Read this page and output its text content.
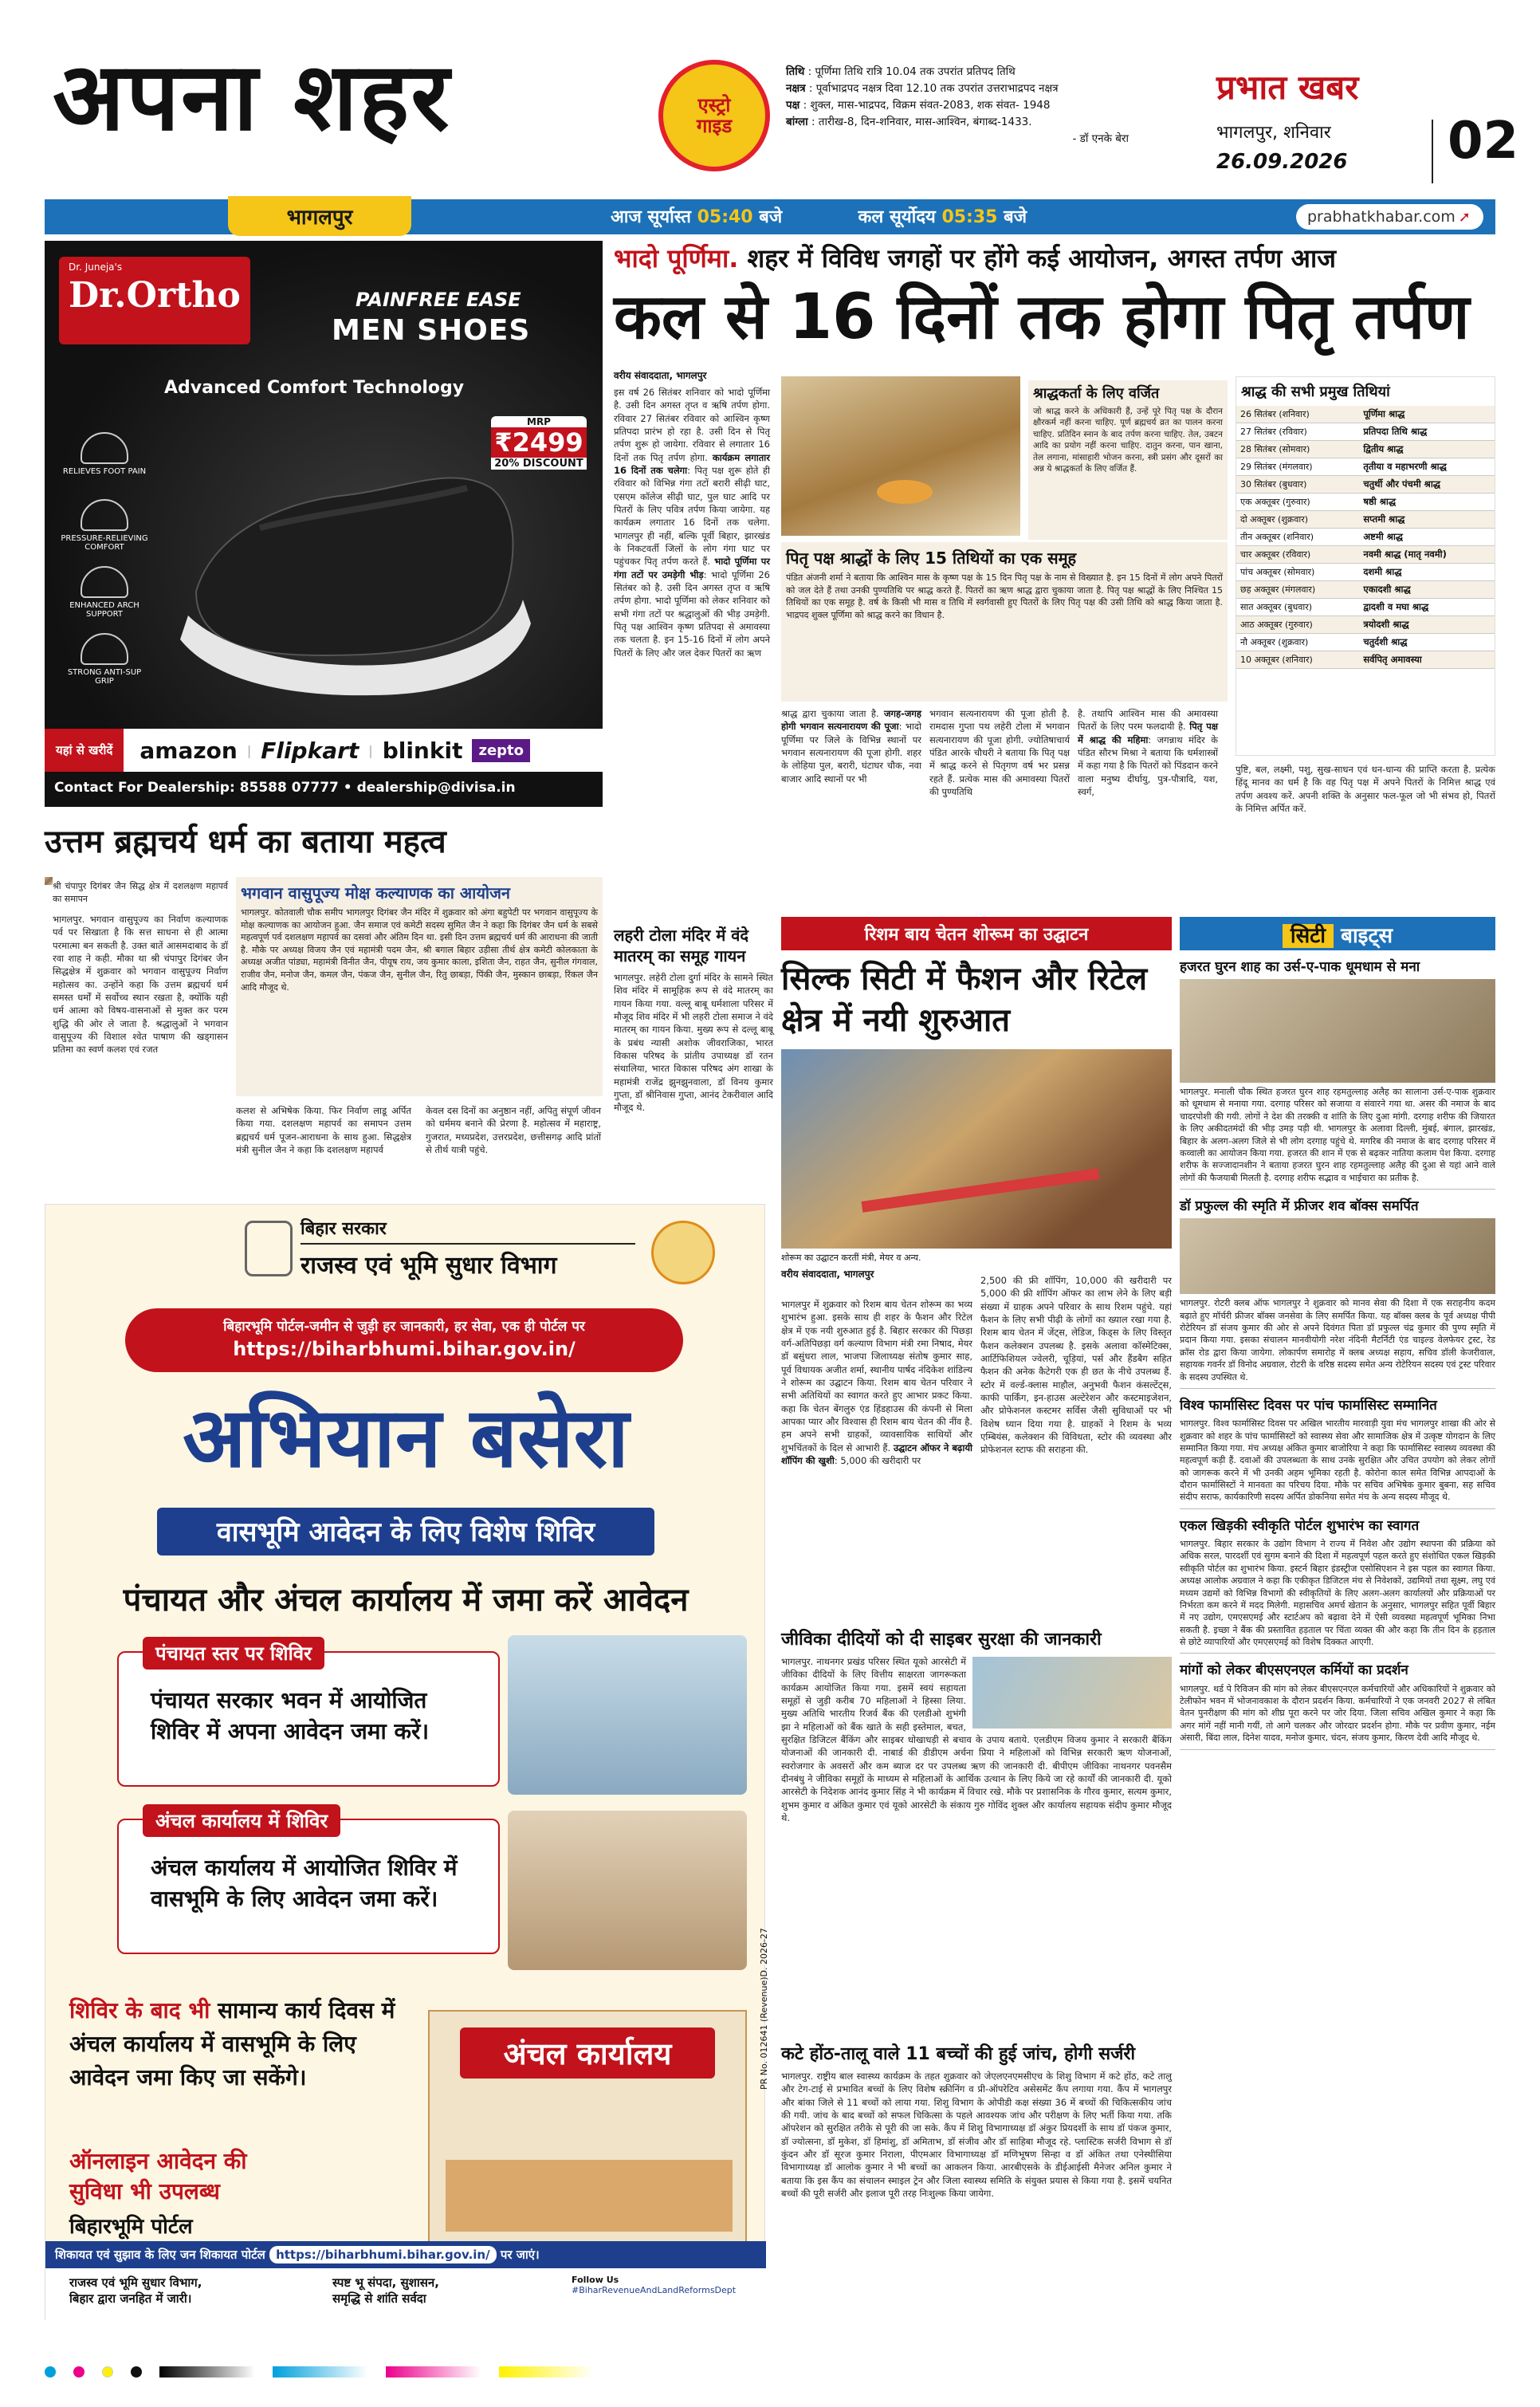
अपना शहर	एस्ट्रो गाइड
तिथि : पूर्णिमा तिथि रात्रि 10.04 तक उपरांत प्रतिपद तिथि
नक्षत्र : पूर्वाभाद्रपद नक्षत्र दिवा 12.10 तक उपरांत उत्तराभाद्रपद नक्षत्र
पक्ष : शुक्ल, मास-भाद्रपद, विक्रम संवत-2083, शक संवत- 1948
बांग्ला : तारीख-8, दिन-शनिवार, मास-आश्विन, बंगाब्द-1433.
- डॉ एनके बेरा
प्रभात खबर
भागलपुर, शनिवार
26.09.2026 02
भागलपुर	आज सूर्यास्त 05:40 बजे	कल सूर्योदय 05:35 बजे	prabhatkhabar.com ➚
Dr. Juneja's
Dr.Ortho	PAINFREE EASE
MEN SHOES
Advanced Comfort Technology
RELIEVES FOOT PAIN
PRESSURE-RELIEVING COMFORT
ENHANCED ARCH SUPPORT
STRONG ANTI-SUP GRIP
MRP
₹2499
20% DISCOUNT
यहां से खरीदें	amazon | Flipkart | blinkit	zepto
Contact For Dealership: 85588 07777 • dealership@divisa.in
भादो पूर्णिमा. शहर में विविध जगहों पर होंगे कई आयोजन, अगस्त तर्पण आज
कल से 16 दिनों तक होगा पितृ तर्पण
वरीय संवाददाता, भागलपुर
इस वर्ष 26 सितंबर शनिवार को भादो पूर्णिमा है. उसी दिन अगस्त तृप्त व ऋषि तर्पण होगा. रविवार 27 सितंबर रविवार को आश्विन कृष्ण प्रतिपदा प्रारंभ हो रहा है. उसी दिन से पितृ तर्पण शुरू हो जायेगा. रविवार से लगातार 16 दिनों तक पितृ तर्पण होगा. कार्यक्रम लगातार 16 दिनों तक चलेगा: पितृ पक्ष शुरू होते ही रविवार को विभिन्न गंगा तटों बरारी सीढ़ी घाट, एसएम कॉलेज सीढ़ी घाट, पुल घाट आदि पर पितरों के लिए पवित्र तर्पण किया जायेगा. यह कार्यक्रम लगातार 16 दिनों तक चलेगा. भागलपुर ही नहीं, बल्कि पूर्वी बिहार, झारखंड के निकटवर्ती जिलों के लोग गंगा घाट पर पहुंचकर पितृ तर्पण करते हैं. भादो पूर्णिमा पर गंगा तटों पर उमड़ेगी भीड़: भादो पूर्णिमा 26 सितंबर को है. उसी दिन अगस्त तृप्त व ऋषि तर्पण होगा. भादो पूर्णिमा को लेकर शनिवार को सभी गंगा तटों पर श्रद्धालुओं की भीड़ उमड़ेगी. पितृ पक्ष आश्विन कृष्ण प्रतिपदा से अमावस्या तक चलता है. इन 15-16 दिनों में लोग अपने पितरों के लिए और जल देकर पितरों का ऋण
श्राद्धकर्ता के लिए वर्जित
जो श्राद्ध करने के अधिकारी हैं, उन्हें पूरे पितृ पक्ष के दौरान क्षौरकर्म नहीं करना चाहिए. पूर्ण ब्रह्मचर्य व्रत का पालन करना चाहिए. प्रतिदिन स्नान के बाद तर्पण करना चाहिए. तेल, उबटन आदि का प्रयोग नहीं करना चाहिए. दातुन करना, पान खाना, तेल लगाना, मांसाहारी भोजन करना, स्त्री प्रसंग और दूसरों का अन्न ये श्राद्धकर्ता के लिए वर्जित हैं.
पितृ पक्ष श्राद्धों के लिए 15 तिथियों का एक समूह
पंडित अंजनी शर्मा ने बताया कि आश्विन मास के कृष्ण पक्ष के 15 दिन पितृ पक्ष के नाम से विख्यात है. इन 15 दिनों में लोग अपने पितरों को जल देते हैं तथा उनकी पुण्यतिथि पर श्राद्ध करते हैं. पितरों का ऋण श्राद्ध द्वारा चुकाया जाता है. पितृ पक्ष श्राद्धों के लिए निश्चित 15 तिथियों का एक समूह है. वर्ष के किसी भी मास व तिथि में स्वर्गवासी हुए पितरों के लिए पितृ पक्ष की उसी तिथि को श्राद्ध किया जाता है. भाद्रपद शुक्ल पूर्णिमा को श्राद्ध करने का विधान है.
श्राद्ध की सभी प्रमुख तिथियां
26 सितंबर (शनिवार)	पूर्णिमा श्राद्ध
27 सितंबर (रविवार)	प्रतिपदा तिथि श्राद्ध
28 सितंबर (सोमवार)	द्वितीय श्राद्ध
29 सितंबर (मंगलवार)	तृतीया व महाभरणी श्राद्ध
30 सितंबर (बुधवार)	चतुर्थी और पंचमी श्राद्ध
एक अक्तूबर (गुरुवार)	षष्ठी श्राद्ध
दो अक्तूबर (शुक्रवार)	सप्तमी श्राद्ध
तीन अक्तूबर (शनिवार)	अष्टमी श्राद्ध
चार अक्तूबर (रविवार)	नवमी श्राद्ध (मातृ नवमी)
पांच अक्तूबर (सोमवार)	दशमी श्राद्ध
छह अक्तूबर (मंगलवार)	एकादशी श्राद्ध
सात अक्तूबर (बुधवार)	द्वादशी व मघा श्राद्ध
आठ अक्तूबर (गुरुवार)	त्रयोदशी श्राद्ध
नौ अक्तूबर (शुक्रवार)	चतुर्दशी श्राद्ध
10 अक्तूबर (शनिवार)	सर्वपितृ अमावस्या
श्राद्ध द्वारा चुकाया जाता है. जगह-जगह होगी भगवान सत्यनारायण की पूजा: भादो पूर्णिमा पर जिले के विभिन्न स्थानों पर भगवान सत्यनारायण की पूजा होगी. शहर के लोहिया पुल, बरारी, घंटाघर चौक, नवा बाजार आदि स्थानों पर भी
भगवान सत्यनारायण की पूजा होती है. रामदास गुप्ता पथ लहेरी टोला में भगवान सत्यनारायण की पूजा होगी. ज्योतिषाचार्य पंडित आरके चौधरी ने बताया कि पितृ पक्ष में श्राद्ध करने से पितृगण वर्ष भर प्रसन्न रहते हैं. प्रत्येक मास की अमावस्या पितरों की पुण्यतिथि
है. तथापि आश्विन मास की अमावस्या पितरों के लिए परम फलदायी है. पितृ पक्ष में श्राद्ध की महिमा: जगन्नाथ मंदिर के पंडित सौरभ मिश्रा ने बताया कि धर्मशास्त्रों में कहा गया है कि पितरों को पिंडदान करने वाला मनुष्य दीर्घायु, पुत्र-पौत्रादि, यश, स्वर्ग,
पुष्टि, बल, लक्ष्मी, पशु, सुख-साधन एवं धन-धान्य की प्राप्ति करता है. प्रत्येक हिंदू मानव का धर्म है कि वह पितृ पक्ष में अपने पितरों के निमित्त श्राद्ध एवं तर्पण अवश्य करें. अपनी शक्ति के अनुसार फल-फूल जो भी संभव हो, पितरों के निमित्त अर्पित करें.
उत्तम ब्रह्मचर्य धर्म का बताया महत्व
श्री चंपापुर दिगंबर जैन सिद्ध क्षेत्र में दशलक्षण महापर्व का समापन
भागलपुर. भगवान वासुपूज्य का निर्वाण कल्याणक पर्व पर सिखाता है कि सत्त साधना से ही आत्मा परमात्मा बन सकती है. उक्त बातें आसमदाबाद के डॉ रवा शाह ने कही. मौका था श्री चंपापुर दिगंबर जैन सिद्धक्षेत्र में शुक्रवार को भगवान वासुपूज्य निर्वाण महोत्सव का. उन्होंने कहा कि उत्तम ब्रह्मचर्य धर्म समस्त धर्मों में सर्वोच्च स्थान रखता है, क्योंकि यही धर्म आत्मा को विषय-वासनाओं से मुक्त कर परम शुद्धि की ओर ले जाता है. श्रद्धालुओं ने भगवान वासुपूज्य की विशाल श्वेत पाषाण की खड्गासन प्रतिमा का स्वर्ण कलश एवं रजत
भगवान वासुपूज्य मोक्ष कल्याणक का आयोजन
भागलपुर. कोतवाली चौक समीप भागलपुर दिगंबर जैन मंदिर में शुक्रवार को अंगा बहुपेटी पर भगवान वासुपूज्य के मोक्ष कल्याणक का आयोजन हुआ. जैन समाज एवं कमेटी सदस्य सुमित जैन ने कहा कि दिगंबर जैन धर्म के सबसे महत्वपूर्ण पर्व दशलक्षण महापर्व का दसवां और अंतिम दिन था. इसी दिन उत्तम ब्रह्मचर्य धर्म की आराधना की जाती है. मौके पर अध्यक्ष विजय जैन एवं महामंत्री पदम जैन, श्री बगाल बिहार उड़ीसा तीर्थ क्षेत्र कमेटी कोलकाता के अध्यक्ष अजीत पांड्या, महामंत्री विनीत जैन, पीयूष राय, जय कुमार काला, इशिता जैन, राहत जैन, सुनील गंगवाल, राजीव जैन, मनोज जैन, कमल जैन, पंकज जैन, सुनील जैन, रितु छाबड़ा, पिंकी जैन, मुस्कान छाबड़ा, रिंकल जैन आदि मौजूद थे.
कलश से अभिषेक किया. फिर निर्वाण लाडू अर्पित किया गया. दशलक्षण महापर्व का समापन उत्तम ब्रह्मचर्य धर्म पूजन-आराधना के साथ हुआ. सिद्धक्षेत्र मंत्री सुनील जैन ने कहा कि दशलक्षण महापर्व
केवल दस दिनों का अनुष्ठान नहीं, अपितु संपूर्ण जीवन को धर्ममय बनाने की प्रेरणा है. महोत्सव में महाराष्ट्र, गुजरात, मध्यप्रदेश, उत्तरप्रदेश, छत्तीसगढ़ आदि प्रांतों से तीर्थ यात्री पहुंचे.
लहरी टोला मंदिर में वंदे मातरम् का समूह गायन
भागलपुर. लहेरी टोला दुर्गा मंदिर के सामने स्थित शिव मंदिर में सामूहिक रूप से वंदे मातरम् का गायन किया गया. वल्लू बाबू धर्मशाला परिसर में मौजूद शिव मंदिर में भी लहरी टोला समाज ने वंदे मातरम् का गायन किया. मुख्य रूप से दल्लू बाबू के प्रबंध न्यासी अशोक जीवराजिका, भारत विकास परिषद के प्रांतीय उपाध्यक्ष डॉ रतन संथालिया, भारत विकास परिषद अंग शाखा के महामंत्री राजेंद्र झुनझुनवाला, डॉ विनय कुमार गुप्ता, डॉ श्रीनिवास गुप्ता, आनंद टेकरीवाल आदि मौजूद थे.
रिशम बाय चेतन शोरूम का उद्घाटन
सिल्क सिटी में फैशन और रिटेल क्षेत्र में नयी शुरुआत
शोरूम का उद्घाटन करतीं मंत्री, मेयर व अन्य.
वरीय संवाददाता, भागलपुर
भागलपुर में शुक्रवार को रिशम बाय चेतन शोरूम का भव्य शुभारंभ हुआ. इसके साथ ही शहर के फैशन और रिटेल क्षेत्र में एक नयी शुरुआत हुई है. बिहार सरकार की पिछड़ा वर्ग-अतिपिछड़ा वर्ग कल्याण विभाग मंत्री रमा निषाद, मेयर डॉ बसुंधरा लाल, भाजपा जिलाध्यक्ष संतोष कुमार साह, पूर्व विधायक अजीत शर्मा, स्थानीय पार्षद नंदिकेश शांडिल्य ने शोरूम का उद्घाटन किया. रिशम बाय चेतन परिवार ने सभी अतिथियों का स्वागत करते हुए आभार प्रकट किया. कहा कि चेतन बेंगलुरु एंड हिंडहाउस की कंपनी से मिला आपका प्यार और विश्वास ही रिशम बाय चेतन की नींव है. हम अपने सभी ग्राहकों, व्यावसायिक साथियों और शुभचिंतकों के दिल से आभारी हैं. उद्घाटन ऑफर ने बढ़ायी शॉपिंग की खुशी: 5,000 की खरीदारी पर
2,500 की फ्री शॉपिंग, 10,000 की खरीदारी पर 5,000 की फ्री शॉपिंग ऑफर का लाभ लेने के लिए बड़ी संख्या में ग्राहक अपने परिवार के साथ रिशम पहुंचे. यहां फैशन के लिए सभी पीढ़ी के लोगों का ख्याल रखा गया है. रिशम बाय चेतन में जेंट्स, लेडिज, किड्स के लिए विस्तृत फैशन कलेक्शन उपलब्ध है. इसके अलावा कॉस्मेटिक्स, आर्टिफिशियल ज्वेलरी, चूड़ियां, पर्स और हैंडबैग सहित फैशन की अनेक कैटेगरी एक ही छत के नीचे उपलब्ध हैं. स्टोर में वर्ल्ड-क्लास माहौल, अनुभवी फैशन कंसल्टेंट्स, काफी पार्किंग, इन-हाउस अल्टेरेशन और कस्टमाइजेशन, और प्रोफेशनल कस्टमर सर्विस जैसी सुविधाओं पर भी विशेष ध्यान दिया गया है. ग्राहकों ने रिशम के भव्य एम्बियंस, कलेक्शन की विविधता, स्टोर की व्यवस्था और प्रोफेशनल स्टाफ की सराहना की.
जीविका दीदियों को दी साइबर सुरक्षा की जानकारी
भागलपुर. नाथनगर प्रखंड परिसर स्थित यूको आरसेटी में जीविका दीदियों के लिए वित्तीय साक्षरता जागरूकता कार्यक्रम आयोजित किया गया. इसमें स्वयं सहायता समूहों से जुड़ी करीब 70 महिलाओं ने हिस्सा लिया. मुख्य अतिथि भारतीय रिजर्व बैंक की एलडीओ शुभंगी झा ने महिलाओं को बैंक खाते के सही इस्तेमाल, बचत, सुरक्षित डिजिटल बैंकिंग और साइबर धोखाधड़ी से बचाव के उपाय बताये. एलडीएम विजय कुमार ने सरकारी बैंकिंग योजनाओं की जानकारी दी. नाबार्ड की डीडीएम अर्चना प्रिया ने महिलाओं को विभिन्न सरकारी ऋण योजनाओं, स्वरोजगार के अवसरों और कम ब्याज दर पर उपलब्ध ऋण की जानकारी दी. बीपीएम जीविका नाथनगर पवनसैम दीनबंधु ने जीविका समूहों के माध्यम से महिलाओं के आर्थिक उत्थान के लिए किये जा रहे कार्यों की जानकारी दी. यूको आरसेटी के निदेशक आनंद कुमार सिंह ने भी कार्यक्रम में विचार रखे. मौके पर प्रशासनिक के गौरव कुमार, सत्यम कुमार, शुभम कुमार व अंकित कुमार एवं यूको आरसेटी के संकाय गुरु गोविंद शुक्ल और कार्यालय सहायक संदीप कुमार मौजूद थे.
कटे होंठ-तालू वाले 11 बच्चों की हुई जांच, होगी सर्जरी
भागलपुर. राष्ट्रीय बाल स्वास्थ्य कार्यक्रम के तहत शुक्रवार को जेएलएनएमसीएच के शिशु विभाग में कटे होंठ, कटे तालु और टेग-टाई से प्रभावित बच्चों के लिए विशेष स्क्रीनिंग व प्री-ऑपरेटिव असेसमेंट कैंप लगाया गया. कैंप में भागलपुर और बांका जिले से 11 बच्चों को लाया गया. शिशु विभाग के ओपीडी कक्ष संख्या 36 में बच्चों की चिकित्सकीय जांच की गयी. जांच के बाद बच्चों को सफल चिकित्सा के पहले आवश्यक जांच और परीक्षण के लिए भर्ती किया गया. तकि ऑपरेशन को सुरक्षित तरीके से पूरी की जा सके. कैंप में शिशु विभागाध्यक्ष डॉ अंकुर प्रियदर्शी के साथ डॉ पंकज कुमार, डॉ ज्योत्सना, डॉ मुकेश, डॉ हिमांशु, डॉ अमिताभ, डॉ संजीव और डॉ साहिबा मौजूद रहे. प्लास्टिक सर्जरी विभाग से डॉ कुंदन और डॉ सूरज कुमार निराला, पीएमआर विभागाध्यक्ष डॉ मणिभूषण सिन्हा व डॉ अंकित तथा एनेस्थीसिया विभागाध्यक्ष डॉ आलोक कुमार ने भी बच्चों का आकलन किया. आरबीएसके के डीईआईसी मैनेजर अनिल कुमार ने बताया कि इस कैंप का संचालन स्माइल ट्रेन और जिला स्वास्थ्य समिति के संयुक्त प्रयास से किया गया है. इसमें चयनित बच्चों की पूरी सर्जरी और इलाज पूरी तरह निःशुल्क किया जायेगा.
बिहार सरकार
राजस्व एवं भूमि सुधार विभाग
बिहारभूमि पोर्टल-जमीन से जुड़ी हर जानकारी, हर सेवा, एक ही पोर्टल पर
https://biharbhumi.bihar.gov.in/
अभियान बसेरा
वासभूमि आवेदन के लिए विशेष शिविर
पंचायत और अंचल कार्यालय में जमा करें आवेदन
पंचायत स्तर पर शिविर
पंचायत सरकार भवन में आयोजित शिविर में अपना आवेदन जमा करें।
अंचल कार्यालय में शिविर
अंचल कार्यालय में आयोजित शिविर में वासभूमि के लिए आवेदन जमा करें।
शिविर के बाद भी सामान्य कार्य दिवस में अंचल कार्यालय में वासभूमि के लिए आवेदन जमा किए जा सकेंगे।
ऑनलाइन आवेदन की
सुविधा भी उपलब्ध
बिहारभूमि पोर्टल
अंचल कार्यालय	PR No. 012641 (Revenue)D. 2026-27
शिकायत एवं सुझाव के लिए जन शिकायत पोर्टल https://biharbhumi.bihar.gov.in/ पर जाएं।
राजस्व एवं भूमि सुधार विभाग,
बिहार द्वारा जनहित में जारी।
स्पष्ट भू संपदा, सुशासन,
समृद्धि से शांति सर्वदा
Follow Us
#BiharRevenueAndLandReformsDept
सिटी बाइट्स
हजरत घुरन शाह का उर्स-ए-पाक धूमधाम से मना
भागलपुर. मनाली चौक स्थित हजरत घुरन शाह रहमतुल्लाह अलैह का सालाना उर्स-ए-पाक शुक्रवार को धूमधाम से मनाया गया. दरगाह परिसर को सजाया व संवारने गया था. असर की नमाज के बाद चादरपोशी की गयी. लोगों ने देश की तरक्की व शांति के लिए दुआ मांगी. दरगाह शरीफ की जियारत के लिए अकीदतमंदों की भीड़ उमड़ पड़ी थी. भागलपुर के अलावा दिल्ली, मुंबई, बंगाल, झारखंड, बिहार के अलग-अलग जिले से भी लोग दरगाह पहुंचे थे. मगरिब की नमाज के बाद दरगाह परिसर में कव्वाली का आयोजन किया गया. हजरत की शान में एक से बढ़कर नातिया कलाम पेश किया. दरगाह शरीफ के सज्जादानशीन ने बताया हजरत घुरन शाह रहमतुल्लाह अलैह की दुआ से यहां आने वाले लोगों की फैजयाबी मिलती है. दरगाह शरीफ सद्भाव व भाईचारा का प्रतीक है.
डॉ प्रफुल्ल की स्मृति में फ्रीजर शव बॉक्स समर्पित
भागलपुर. रोटरी क्लब ऑफ भागलपुर ने शुक्रवार को मानव सेवा की दिशा में एक सराहनीय कदम बढ़ाते हुए मॉर्चरी फ्रीजर बॉक्स जनसेवा के लिए समर्पित किया. यह बॉक्स क्लब के पूर्व अध्यक्ष पीपी रोटेरियन डॉ संजय कुमार की ओर से अपने दिवंगत पिता डॉ प्रफुल्ल चंद्र कुमार की पुण्य स्मृति में प्रदान किया गया. इसका संचालन मानवीयोगी नरेश नंदिनी मैटर्निटी एंड चाइल्ड वेलफेयर ट्रस्ट, रेड क्रॉस रोड द्वारा किया जायेगा. लोकार्पण समारोह में क्लब अध्यक्ष सहाय, सचिव डॉली केजरीवाल, सहायक गवर्नर डॉ विनोद अग्रवाल, रोटरी के वरिष्ठ सदस्य समेत अन्य रोटेरियन सदस्य एवं ट्रस्ट परिवार के सदस्य उपस्थित थे.
विश्व फार्मासिस्ट दिवस पर पांच फार्मासिस्ट सम्मानित
भागलपुर. विश्व फार्मासिस्ट दिवस पर अखिल भारतीय मारवाड़ी युवा मंच भागलपुर शाखा की ओर से शुक्रवार को शहर के पांच फार्मासिस्टों को स्वास्थ्य सेवा और सामाजिक क्षेत्र में उत्कृष्ट योगदान के लिए सम्मानित किया गया. मंच अध्यक्ष अंकित कुमार बाजोरिया ने कहा कि फार्मासिस्ट स्वास्थ्य व्यवस्था की महत्वपूर्ण कड़ी हैं. दवाओं की उपलब्धता के साथ उनके सुरक्षित और उचित उपयोग को लेकर लोगों को जागरूक करने में भी उनकी अहम भूमिका रहती है. कोरोना काल समेत विभिन्न आपदाओं के दौरान फार्मासिस्टों ने मानवता का परिचय दिया. मौके पर सचिव अभिषेक कुमार बुबना, सह सचिव संदीप सराफ, कार्यकारिणी सदस्य अर्पित डोकनिया समेत मंच के अन्य सदस्य मौजूद थे.
एकल खिड़की स्वीकृति पोर्टल शुभारंभ का स्वागत
भागलपुर. बिहार सरकार के उद्योग विभाग ने राज्य में निवेश और उद्योग स्थापना की प्रक्रिया को अधिक सरल, पारदर्शी एवं सुगम बनाने की दिशा में महत्वपूर्ण पहल करते हुए संशोधित एकल खिड़की स्वीकृति पोर्टल का शुभारंभ किया. इस्टर्न बिहार इंडस्ट्रीज एसोसिएशन ने इस पहल का स्वागत किया. अध्यक्ष आलोक अग्रवाल ने कहा कि एकीकृत डिजिटल मंच से निवेशकों, उद्यमियों तथा सूक्ष्म, लघु एवं मध्यम उद्यमों को विभिन्न विभागों की स्वीकृतियों के लिए अलग-अलग कार्यालयों और प्रक्रियाओं पर निर्भरता कम करने में मदद मिलेगी. महासचिव अमर्च खेतान के अनुसार, भागलपुर सहित पूर्वी बिहार में नए उद्योग, एमएसएमई और स्टार्टअप को बढ़ावा देने में ऐसी व्यवस्था महत्वपूर्ण भूमिका निभा सकती है. इच्छा ने बैंक की प्रस्तावित हड़ताल पर चिंता व्यक्त की और कहा कि तीन दिन के हड़ताल से छोटे व्यापारियों और एमएसएमई को विशेष दिक्कत आएगी.
मांगों को लेकर बीएसएनएल कर्मियों का प्रदर्शन
भागलपुर. थर्ड पे रिविजन की मांग को लेकर बीएसएनएल कर्मचारियों और अधिकारियों ने शुक्रवार को टेलीफोन भवन में भोजनावकाश के दौरान प्रदर्शन किया. कर्मचारियों ने एक जनवरी 2027 से लंबित वेतन पुनरीक्षण की मांग को शीघ्र पूरा करने पर जोर दिया. जिला सचिव अखिल कुमार ने कहा कि अगर मांगें नहीं मानी गयीं, तो आगे चलकर और जोरदार प्रदर्शन होगा. मौके पर प्रवीण कुमार, नईम अंसारी, बिंदा लाल, दिनेश यादव, मनोज कुमार, चंदन, संजय कुमार, किरण देवी आदि मौजूद थे.
